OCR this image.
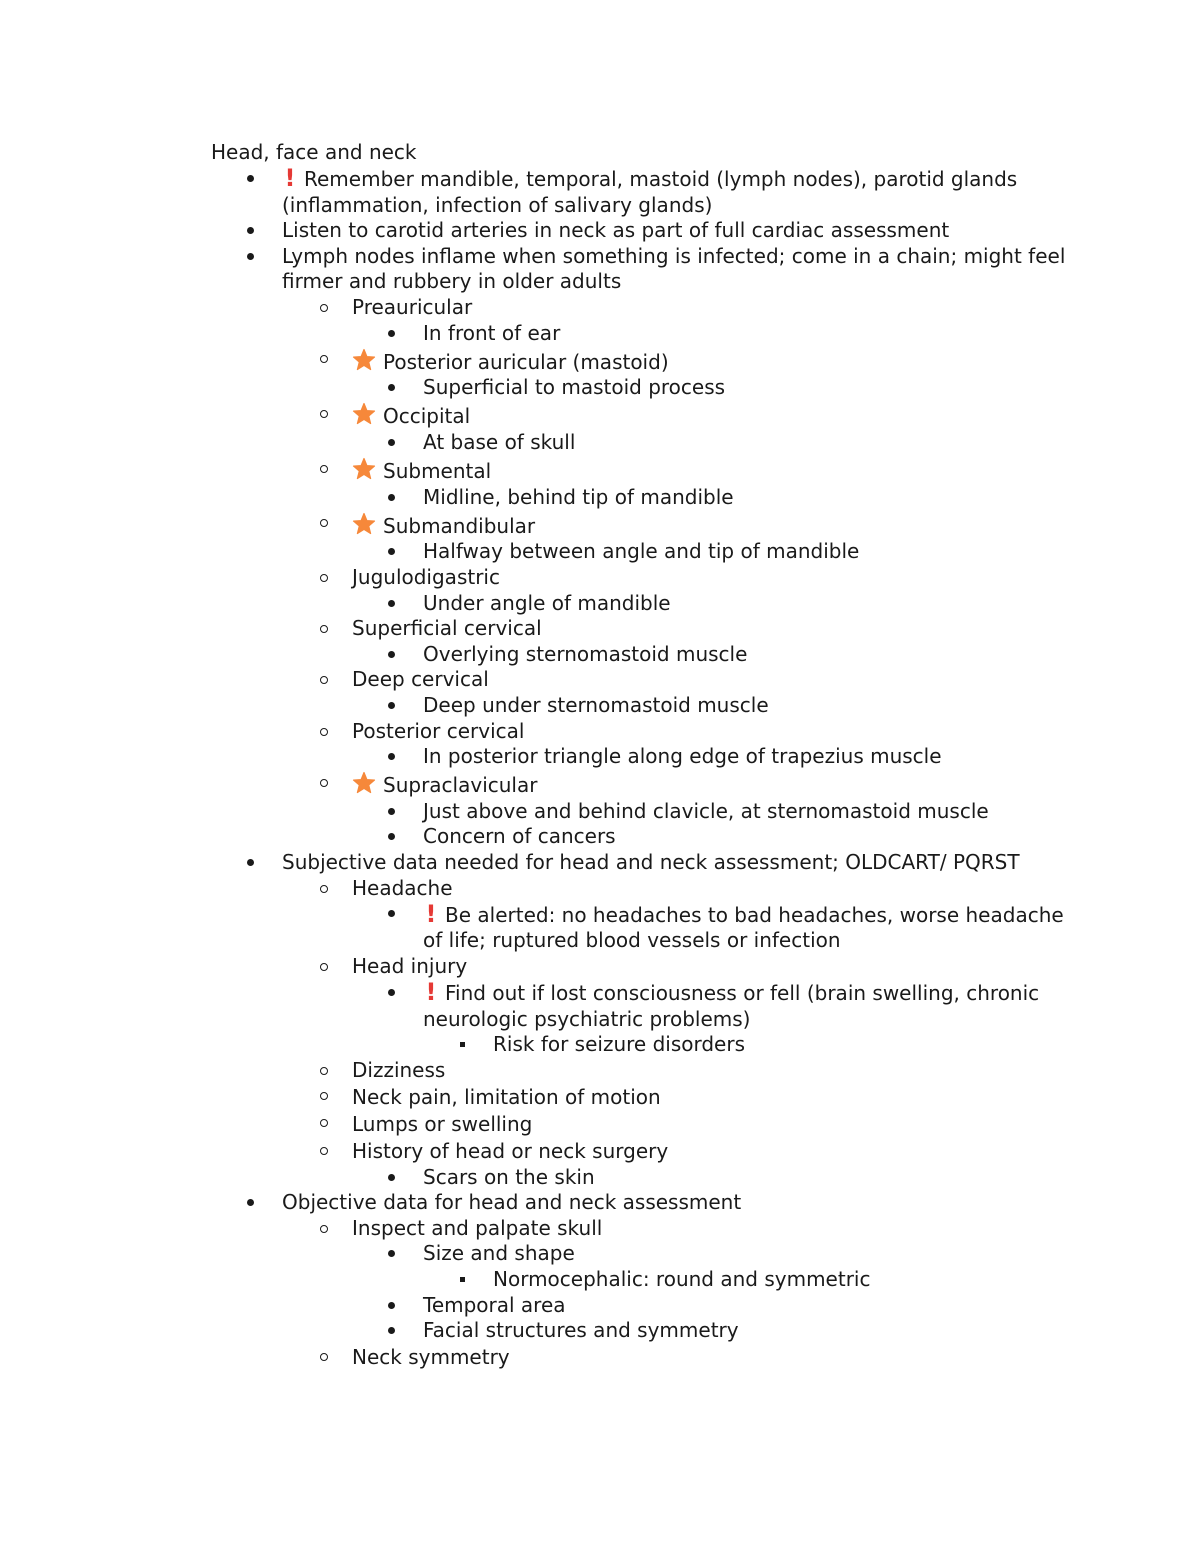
Head, face and neck
! Remember mandible, temporal, mastoid (lymph nodes), parotid glands (inflammation, infection of salivary glands)
Listen to carotid arteries in neck as part of full cardiac assessment
Lymph nodes inflame when something is infected; come in a chain; might feel firmer and rubbery in older adults
Preauricular
In front of ear
Posterior auricular (mastoid)
Superficial to mastoid process
Occipital
At base of skull
Submental
Midline, behind tip of mandible
Submandibular
Halfway between angle and tip of mandible
Jugulodigastric
Under angle of mandible
Superficial cervical
Overlying sternomastoid muscle
Deep cervical
Deep under sternomastoid muscle
Posterior cervical
In posterior triangle along edge of trapezius muscle
Supraclavicular
Just above and behind clavicle, at sternomastoid muscle
Concern of cancers
Subjective data needed for head and neck assessment; OLDCART/ PQRST
Headache
! Be alerted: no headaches to bad headaches, worse headache of life; ruptured blood vessels or infection
Head injury
! Find out if lost consciousness or fell (brain swelling, chronic neurologic psychiatric problems)
Risk for seizure disorders
Dizziness
Neck pain, limitation of motion
Lumps or swelling
History of head or neck surgery
Scars on the skin
Objective data for head and neck assessment
Inspect and palpate skull
Size and shape
Normocephalic: round and symmetric
Temporal area
Facial structures and symmetry
Neck symmetry
